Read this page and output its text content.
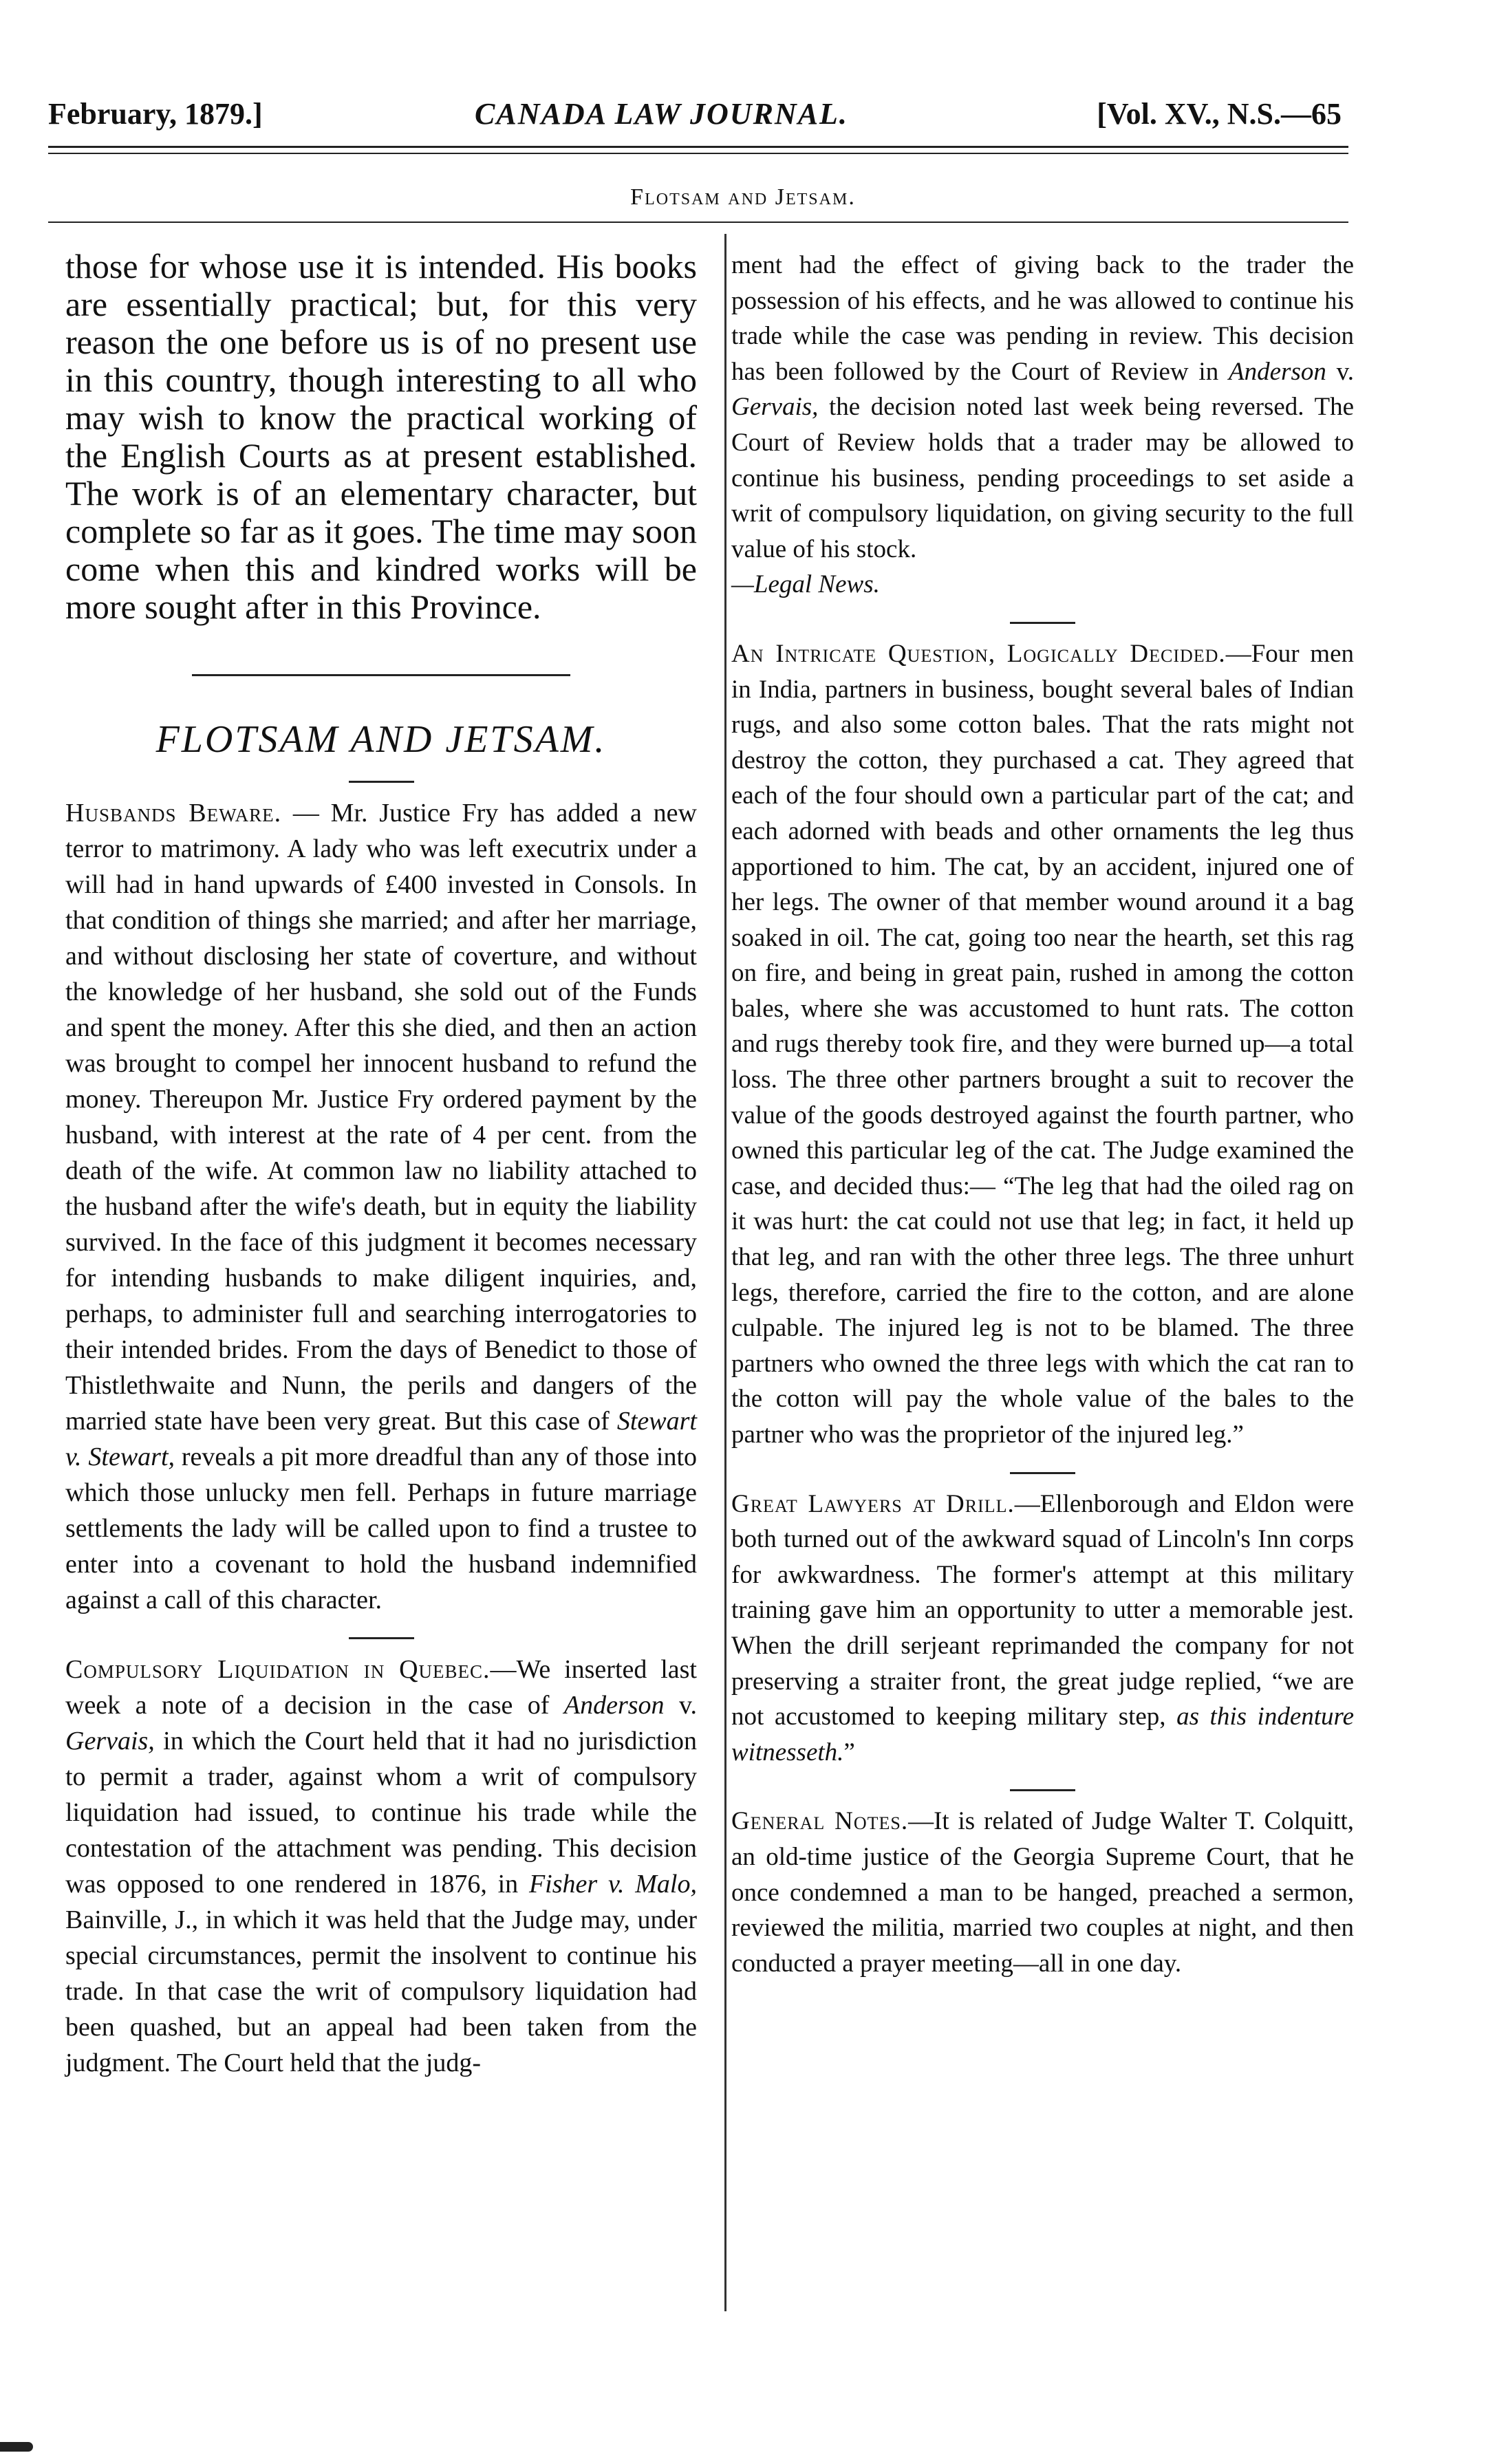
February, 1879.]	CANADA LAW JOURNAL.	[Vol. XV., N.S.—65
Flotsam and Jetsam.

those for whose use it is intended. His books are essentially practical; but, for this very reason the one before us is of no present use in this country, though interesting to all who may wish to know the practical working of the English Courts as at present established. The work is of an elementary character, but complete so far as it goes. The time may soon come when this and kindred works will be more sought after in this Province.

FLOTSAM AND JETSAM.

Husbands Beware. — Mr. Justice Fry has added a new terror to matrimony. A lady who was left executrix under a will had in hand upwards of £400 invested in Consols. In that condition of things she married; and after her marriage, and without disclosing her state of coverture, and without the knowledge of her husband, she sold out of the Funds and spent the money. After this she died, and then an action was brought to compel her innocent husband to refund the money. Thereupon Mr. Justice Fry ordered payment by the husband, with interest at the rate of 4 per cent. from the death of the wife. At common law no liability attached to the husband after the wife's death, but in equity the liability survived. In the face of this judgment it becomes necessary for intending husbands to make diligent inquiries, and, perhaps, to administer full and searching interrogatories to their intended brides. From the days of Benedict to those of Thistlethwaite and Nunn, the perils and dangers of the married state have been very great. But this case of Stewart v. Stewart, reveals a pit more dreadful than any of those into which those unlucky men fell. Perhaps in future marriage settlements the lady will be called upon to find a trustee to enter into a covenant to hold the husband indemnified against a call of this character.

Compulsory Liquidation in Quebec.—We inserted last week a note of a decision in the case of Anderson v. Gervais, in which the Court held that it had no jurisdiction to permit a trader, against whom a writ of compulsory liquidation had issued, to continue his trade while the contestation of the attachment was pending. This decision was opposed to one rendered in 1876, in Fisher v. Malo, Bainville, J., in which it was held that the Judge may, under special circumstances, permit the insolvent to continue his trade. In that case the writ of compulsory liquidation had been quashed, but an appeal had been taken from the judgment. The Court held that the judg-

ment had the effect of giving back to the trader the possession of his effects, and he was allowed to continue his trade while the case was pending in review. This decision has been followed by the Court of Review in Anderson v. Gervais, the decision noted last week being reversed. The Court of Review holds that a trader may be allowed to continue his business, pending proceedings to set aside a writ of compulsory liquidation, on giving security to the full value of his stock.
—Legal News.

An Intricate Question, Logically Decided.—Four men in India, partners in business, bought several bales of Indian rugs, and also some cotton bales. That the rats might not destroy the cotton, they purchased a cat. They agreed that each of the four should own a particular part of the cat; and each adorned with beads and other ornaments the leg thus apportioned to him. The cat, by an accident, injured one of her legs. The owner of that member wound around it a bag soaked in oil. The cat, going too near the hearth, set this rag on fire, and being in great pain, rushed in among the cotton bales, where she was accustomed to hunt rats. The cotton and rugs thereby took fire, and they were burned up—a total loss. The three other partners brought a suit to recover the value of the goods destroyed against the fourth partner, who owned this particular leg of the cat. The Judge examined the case, and decided thus:— “The leg that had the oiled rag on it was hurt: the cat could not use that leg; in fact, it held up that leg, and ran with the other three legs. The three unhurt legs, therefore, carried the fire to the cotton, and are alone culpable. The injured leg is not to be blamed. The three partners who owned the three legs with which the cat ran to the cotton will pay the whole value of the bales to the partner who was the proprietor of the injured leg.”

Great Lawyers at Drill.—Ellenborough and Eldon were both turned out of the awkward squad of Lincoln's Inn corps for awkwardness. The former's attempt at this military training gave him an opportunity to utter a memorable jest. When the drill serjeant reprimanded the company for not preserving a straiter front, the great judge replied, “we are not accustomed to keeping military step, as this indenture witnesseth.”

General Notes.—It is related of Judge Walter T. Colquitt, an old-time justice of the Georgia Supreme Court, that he once condemned a man to be hanged, preached a sermon, reviewed the militia, married two couples at night, and then conducted a prayer meeting—all in one day.
